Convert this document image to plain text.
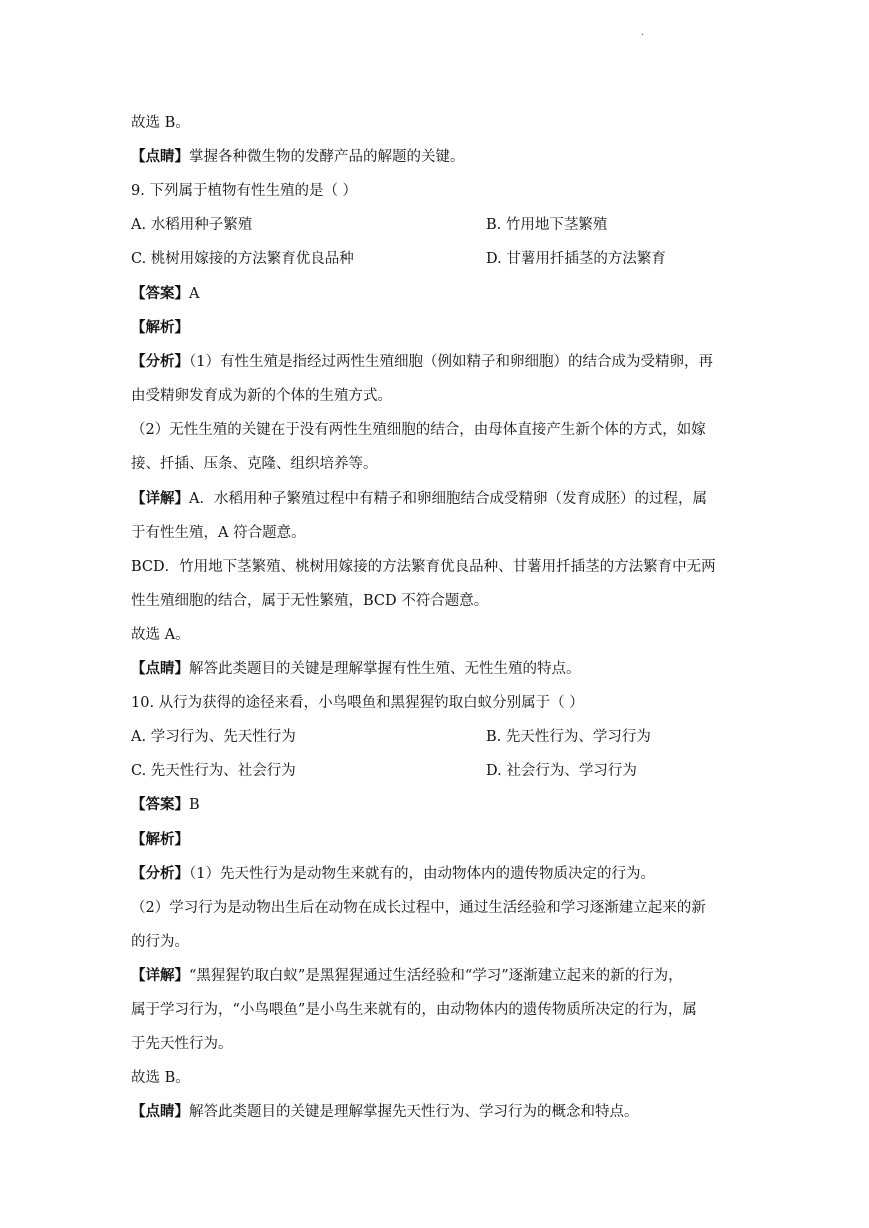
·
故选 B。
【点睛】掌握各种微生物的发酵产品的解题的关键。
9. 下列属于植物有性生殖的是（ ）
A. 水稻用种子繁殖	B. 竹用地下茎繁殖
C. 桃树用嫁接的方法繁育优良品种	D. 甘薯用扦插茎的方法繁育
【答案】A
【解析】
【分析】（1）有性生殖是指经过两性生殖细胞（例如精子和卵细胞）的结合成为受精卵，再
由受精卵发育成为新的个体的生殖方式。
（2）无性生殖的关键在于没有两性生殖细胞的结合，由母体直接产生新个体的方式，如嫁
接、扦插、压条、克隆、组织培养等。
【详解】A．水稻用种子繁殖过程中有精子和卵细胞结合成受精卵（发育成胚）的过程，属
于有性生殖，A 符合题意。
BCD．竹用地下茎繁殖、桃树用嫁接的方法繁育优良品种、甘薯用扦插茎的方法繁育中无两
性生殖细胞的结合，属于无性繁殖，BCD 不符合题意。
故选 A。
【点睛】解答此类题目的关键是理解掌握有性生殖、无性生殖的特点。
10. 从行为获得的途径来看，小鸟喂鱼和黑猩猩钓取白蚁分别属于（ ）
A. 学习行为、先天性行为	B. 先天性行为、学习行为
C. 先天性行为、社会行为	D. 社会行为、学习行为
【答案】B
【解析】
【分析】（1）先天性行为是动物生来就有的，由动物体内的遗传物质决定的行为。
（2）学习行为是动物出生后在动物在成长过程中，通过生活经验和学习逐渐建立起来的新
的行为。
【详解】“黑猩猩钓取白蚁”是黑猩猩通过生活经验和“学习”逐渐建立起来的新的行为，
属于学习行为，“小鸟喂鱼”是小鸟生来就有的，由动物体内的遗传物质所决定的行为，属
于先天性行为。
故选 B。
【点睛】解答此类题目的关键是理解掌握先天性行为、学习行为的概念和特点。
